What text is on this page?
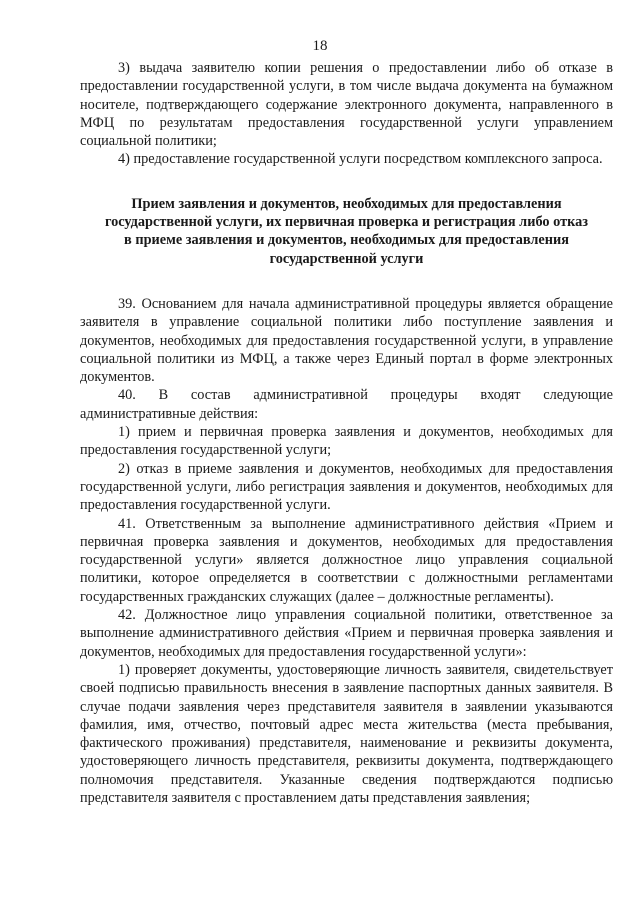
18

3) выдача заявителю копии решения о предоставлении либо об отказе в предоставлении государственной услуги, в том числе выдача документа на бумажном носителе, подтверждающего содержание электронного документа, направленного в МФЦ по результатам предоставления государственной услуги управлением социальной политики;

4) предоставление государственной услуги посредством комплексного запроса.

Прием заявления и документов, необходимых для предоставления
государственной услуги, их первичная проверка и регистрация либо отказ
в приеме заявления и документов, необходимых для предоставления
государственной услуги

39. Основанием для начала административной процедуры является обращение заявителя в управление социальной политики либо поступление заявления и документов, необходимых для предоставления государственной услуги, в управление социальной политики из МФЦ, а также через Единый портал в форме электронных документов.

40. В состав административной процедуры входят следующие административные действия:

1) прием и первичная проверка заявления и документов, необходимых для предоставления государственной услуги;

2) отказ в приеме заявления и документов, необходимых для предоставления государственной услуги, либо регистрация заявления и документов, необходимых для предоставления государственной услуги.

41. Ответственным за выполнение административного действия «Прием и первичная проверка заявления и документов, необходимых для предоставления государственной услуги» является должностное лицо управления социальной политики, которое определяется в соответствии с должностными регламентами государственных гражданских служащих (далее – должностные регламенты).

42. Должностное лицо управления социальной политики, ответственное за выполнение административного действия «Прием и первичная проверка заявления и документов, необходимых для предоставления государственной услуги»:

1) проверяет документы, удостоверяющие личность заявителя, свидетельствует своей подписью правильность внесения в заявление паспортных данных заявителя. В случае подачи заявления через представителя заявителя в заявлении указываются фамилия, имя, отчество, почтовый адрес места жительства (места пребывания, фактического проживания) представителя, наименование и реквизиты документа, удостоверяющего личность представителя, реквизиты документа, подтверждающего полномочия представителя. Указанные сведения подтверждаются подписью представителя заявителя с проставлением даты представления заявления;
